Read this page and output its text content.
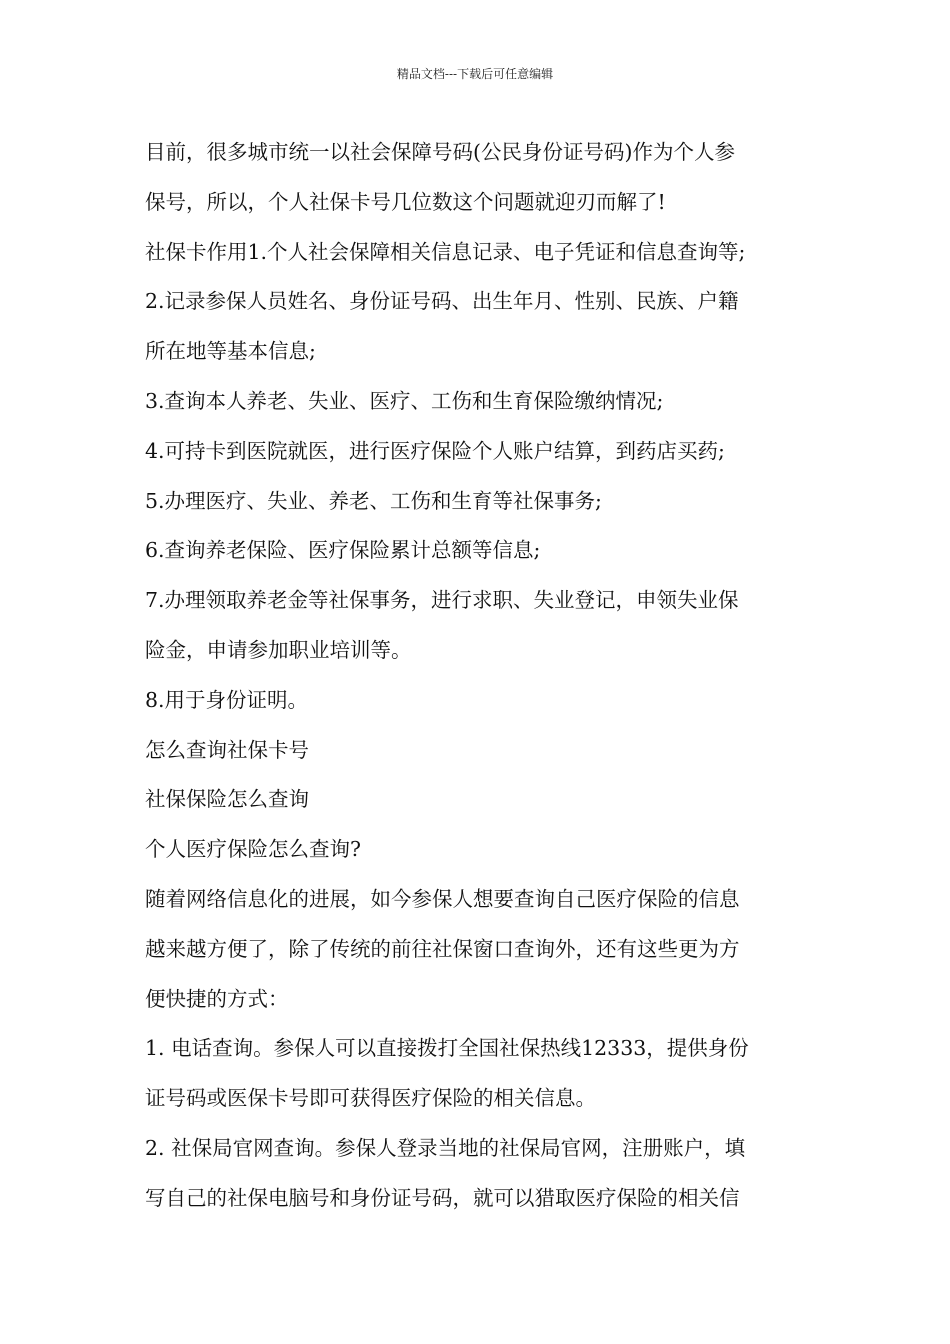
精品文档---下载后可任意编辑

目前，很多城市统一以社会保障号码(公民身份证号码)作为个人参

保号，所以，个人社保卡号几位数这个问题就迎刃而解了!

社保卡作用1.个人社会保障相关信息记录、电子凭证和信息查询等;

2.记录参保人员姓名、身份证号码、出生年月、性别、民族、户籍

所在地等基本信息;

3.查询本人养老、失业、医疗、工伤和生育保险缴纳情况;

4.可持卡到医院就医，进行医疗保险个人账户结算，到药店买药;

5.办理医疗、失业、养老、工伤和生育等社保事务;

6.查询养老保险、医疗保险累计总额等信息;

7.办理领取养老金等社保事务，进行求职、失业登记，申领失业保

险金，申请参加职业培训等。

8.用于身份证明。

怎么查询社保卡号

社保保险怎么查询

个人医疗保险怎么查询?

随着网络信息化的进展，如今参保人想要查询自己医疗保险的信息

越来越方便了，除了传统的前往社保窗口查询外，还有这些更为方

便快捷的方式：

1. 电话查询。参保人可以直接拨打全国社保热线12333，提供身份

证号码或医保卡号即可获得医疗保险的相关信息。

2. 社保局官网查询。参保人登录当地的社保局官网，注册账户，填

写自己的社保电脑号和身份证号码，就可以猎取医疗保险的相关信
